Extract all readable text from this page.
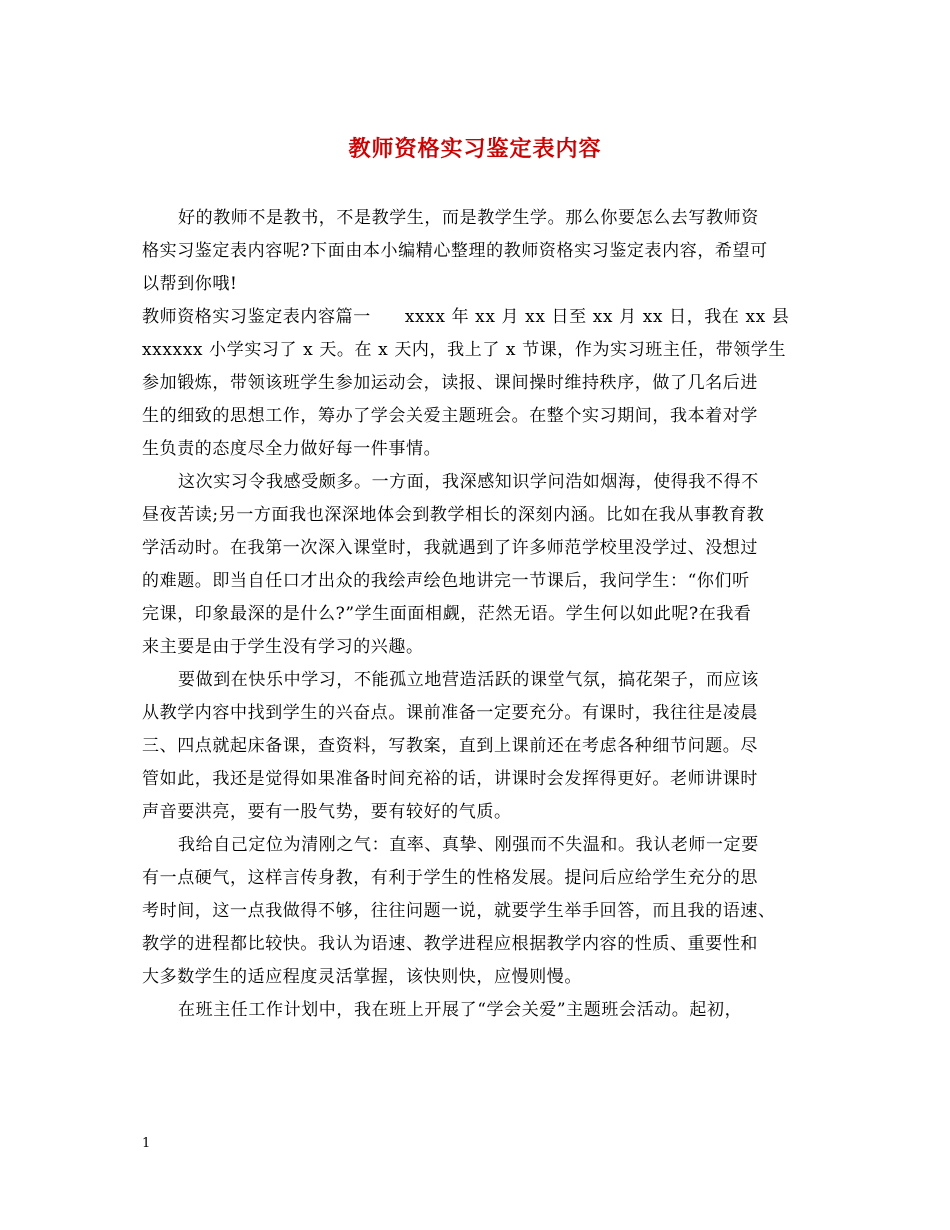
教师资格实习鉴定表内容
好的教师不是教书，不是教学生，而是教学生学。那么你要怎么去写教师资
格实习鉴定表内容呢?下面由本小编精心整理的教师资格实习鉴定表内容，希望可
以帮到你哦!
教师资格实习鉴定表内容篇一 xxxx 年 xx 月 xx 日至 xx 月 xx 日，我在 xx 县
xxxxxx 小学实习了 x 天。在 x 天内，我上了 x 节课，作为实习班主任，带领学生
参加锻炼，带领该班学生参加运动会，读报、课间操时维持秩序，做了几名后进
生的细致的思想工作，筹办了学会关爱主题班会。在整个实习期间，我本着对学
生负责的态度尽全力做好每一件事情。
这次实习令我感受颇多。一方面，我深感知识学问浩如烟海，使得我不得不
昼夜苦读;另一方面我也深深地体会到教学相长的深刻内涵。比如在我从事教育教
学活动时。在我第一次深入课堂时，我就遇到了许多师范学校里没学过、没想过
的难题。即当自任口才出众的我绘声绘色地讲完一节课后，我问学生：“你们听
完课，印象最深的是什么?”学生面面相觑，茫然无语。学生何以如此呢?在我看
来主要是由于学生没有学习的兴趣。
要做到在快乐中学习，不能孤立地营造活跃的课堂气氛，搞花架子，而应该
从教学内容中找到学生的兴奋点。课前准备一定要充分。有课时，我往往是凌晨
三、四点就起床备课，查资料，写教案，直到上课前还在考虑各种细节问题。尽
管如此，我还是觉得如果准备时间充裕的话，讲课时会发挥得更好。老师讲课时
声音要洪亮，要有一股气势，要有较好的气质。
我给自己定位为清刚之气：直率、真挚、刚强而不失温和。我认老师一定要
有一点硬气，这样言传身教，有利于学生的性格发展。提问后应给学生充分的思
考时间，这一点我做得不够，往往问题一说，就要学生举手回答，而且我的语速、
教学的进程都比较快。我认为语速、教学进程应根据教学内容的性质、重要性和
大多数学生的适应程度灵活掌握，该快则快，应慢则慢。
在班主任工作计划中，我在班上开展了“学会关爱”主题班会活动。起初，
1
